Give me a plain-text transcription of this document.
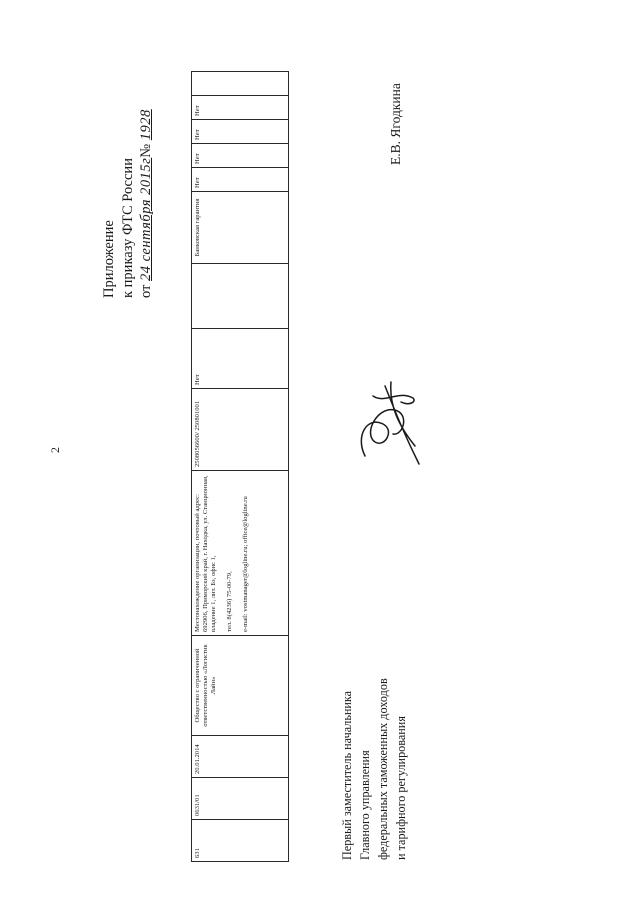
2
Приложение к приказу ФТС России от 24 сентября 2015г№ 1928
631	0631/01	20.01.2014	Общество с ограниченной ответственностью «Логистик Лайн»	Местонахождение организации, почтовый адрес: 692906, Приморский край, г. Находка, ул. Станционная, владение 1, лит. Бз, офис 1,

тел. 8(4236) 75-00-79,

e-mail: vostmanager@logline.ru; office@logline.ru	2508056600/ 250801001	Нет		Банковская гарантия	Нет	Нет	Нет	Нет	
Первый заместитель начальника Главного управления федеральных таможенных доходов и тарифного регулирования
Е.В. Ягодкина
